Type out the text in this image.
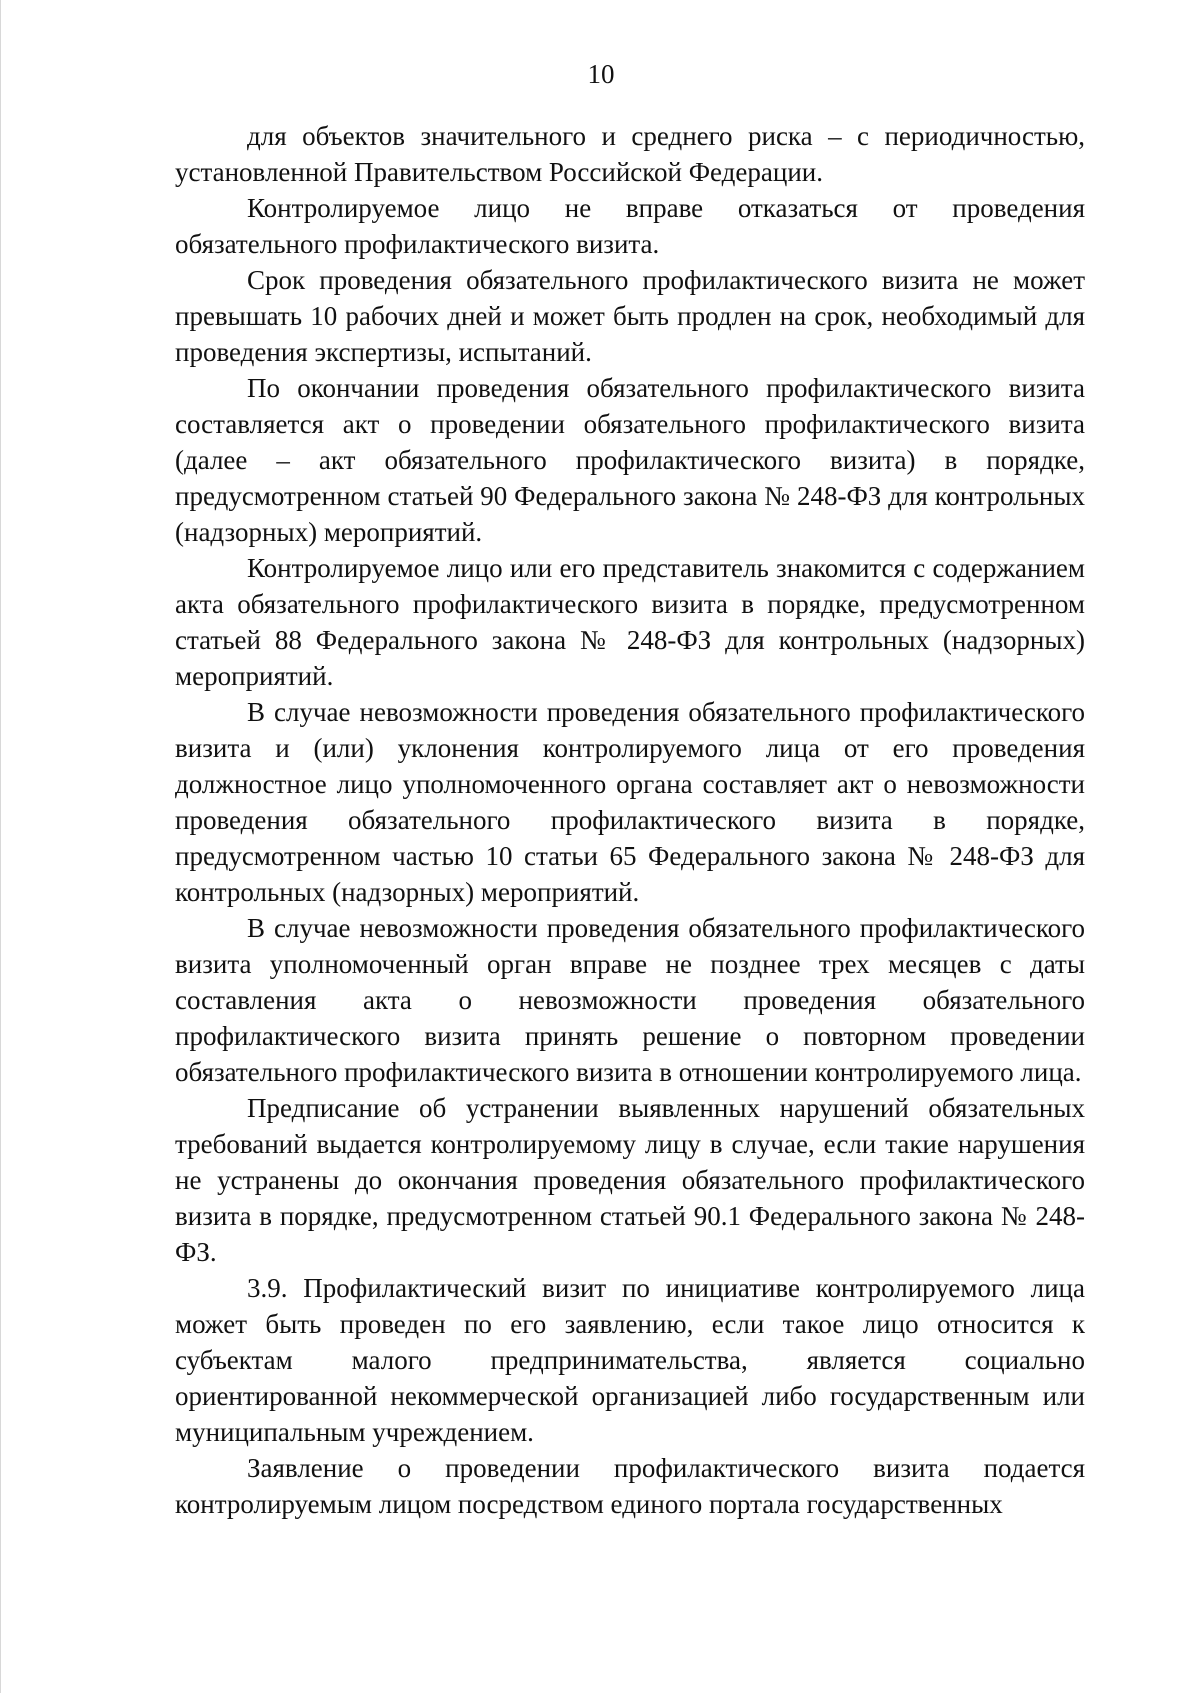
10

для объектов значительного и среднего риска – с периодичностью, установленной Правительством Российской Федерации.

Контролируемое лицо не вправе отказаться от проведения обязательного профилактического визита.

Срок проведения обязательного профилактического визита не может превышать 10 рабочих дней и может быть продлен на срок, необходимый для проведения экспертизы, испытаний.

По окончании проведения обязательного профилактического визита составляется акт о проведении обязательного профилактического визита (далее – акт обязательного профилактического визита) в порядке, предусмотренном статьей 90 Федерального закона № 248-ФЗ для контрольных (надзорных) мероприятий.

Контролируемое лицо или его представитель знакомится с содержанием акта обязательного профилактического визита в порядке, предусмотренном статьей 88 Федерального закона № 248-ФЗ для контрольных (надзорных) мероприятий.

В случае невозможности проведения обязательного профилактического визита и (или) уклонения контролируемого лица от его проведения должностное лицо уполномоченного органа составляет акт о невозможности проведения обязательного профилактического визита в порядке, предусмотренном частью 10 статьи 65 Федерального закона № 248-ФЗ для контрольных (надзорных) мероприятий.

В случае невозможности проведения обязательного профилактического визита уполномоченный орган вправе не позднее трех месяцев с даты составления акта о невозможности проведения обязательного профилактического визита принять решение о повторном проведении обязательного профилактического визита в отношении контролируемого лица.

Предписание об устранении выявленных нарушений обязательных требований выдается контролируемому лицу в случае, если такие нарушения не устранены до окончания проведения обязательного профилактического визита в порядке, предусмотренном статьей 90.1 Федерального закона № 248-ФЗ.

3.9. Профилактический визит по инициативе контролируемого лица может быть проведен по его заявлению, если такое лицо относится к субъектам малого предпринимательства, является социально ориентированной некоммерческой организацией либо государственным или муниципальным учреждением.

Заявление о проведении профилактического визита подается контролируемым лицом посредством единого портала государственных
